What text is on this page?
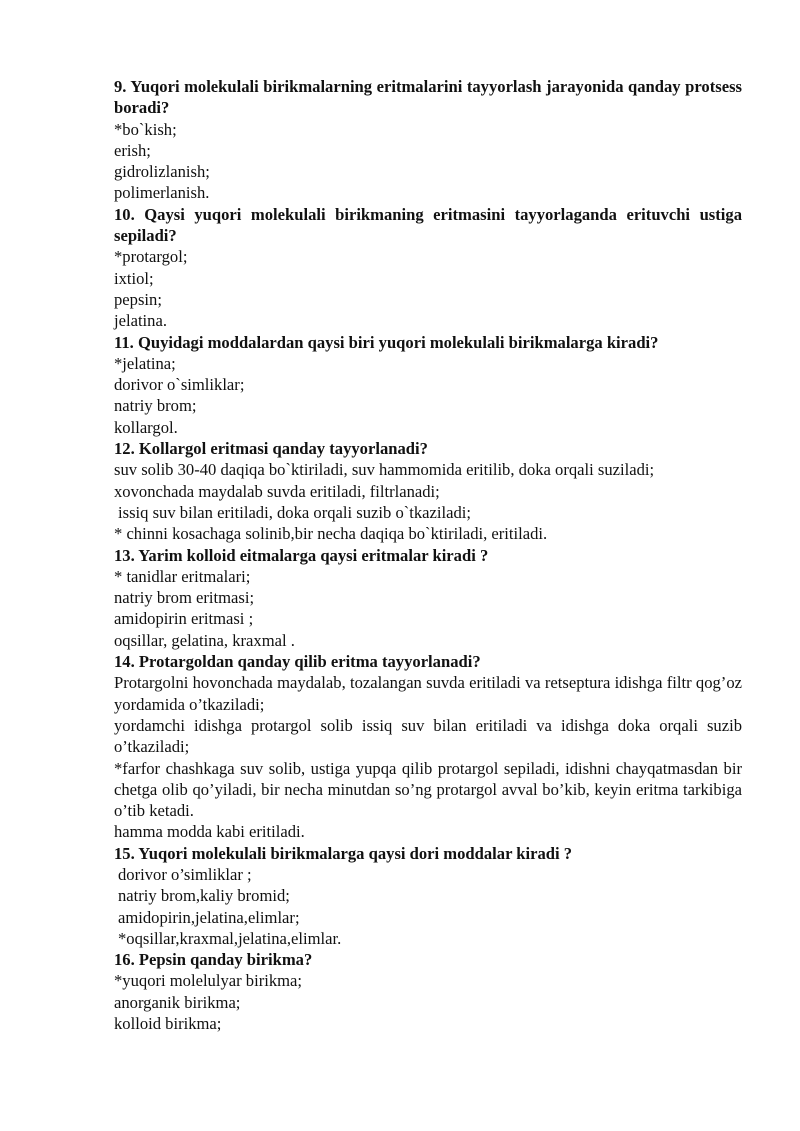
9. Yuqori molekulali birikmalarning eritmalarini tayyorlash jarayonida qanday protsess boradi?

*bo`kish;

erish;

gidrolizlanish;

polimerlanish.

10. Qaysi yuqori molekulali birikmaning eritmasini tayyorlaganda erituvchi ustiga sepiladi?

*protargol;

ixtiol;

pepsin;

jelatina.

11. Quyidagi moddalardan qaysi biri yuqori molekulali birikmalarga kiradi?

*jelatina;

dorivor o`simliklar;

natriy brom;

kollargol.

12. Kollargol eritmasi qanday tayyorlanadi?

suv solib 30-40 daqiqa bo`ktiriladi, suv hammomida eritilib, doka orqali suziladi;

xovonchada maydalab suvda eritiladi, filtrlanadi;

issiq suv bilan eritiladi, doka orqali suzib o`tkaziladi;

* chinni kosachaga solinib,bir necha daqiqa bo`ktiriladi, eritiladi.

13. Yarim kolloid eitmalarga qaysi eritmalar kiradi ?

* tanidlar eritmalari;

natriy brom eritmasi;

amidopirin eritmasi ;

oqsillar, gelatina, kraxmal .

14. Protargoldan qanday qilib eritma tayyorlanadi?

Protargolni hovonchada maydalab, tozalangan suvda eritiladi va retseptura idishga filtr qog’oz yordamida o’tkaziladi;

yordamchi idishga protargol solib issiq suv bilan eritiladi va idishga doka orqali suzib o’tkaziladi;

*farfor chashkaga suv solib, ustiga yupqa qilib protargol sepiladi, idishni chayqatmasdan bir chetga olib qo’yiladi, bir necha minutdan so’ng protargol avval bo’kib, keyin eritma tarkibiga o’tib ketadi.

hamma modda kabi eritiladi.

15. Yuqori molekulali birikmalarga qaysi dori moddalar kiradi ?

dorivor o’simliklar ;

natriy brom,kaliy bromid;

amidopirin,jelatina,elimlar;

*oqsillar,kraxmal,jelatina,elimlar.

16. Pepsin qanday birikma?

*yuqori molelulyar birikma;

anorganik birikma;

kolloid birikma;
